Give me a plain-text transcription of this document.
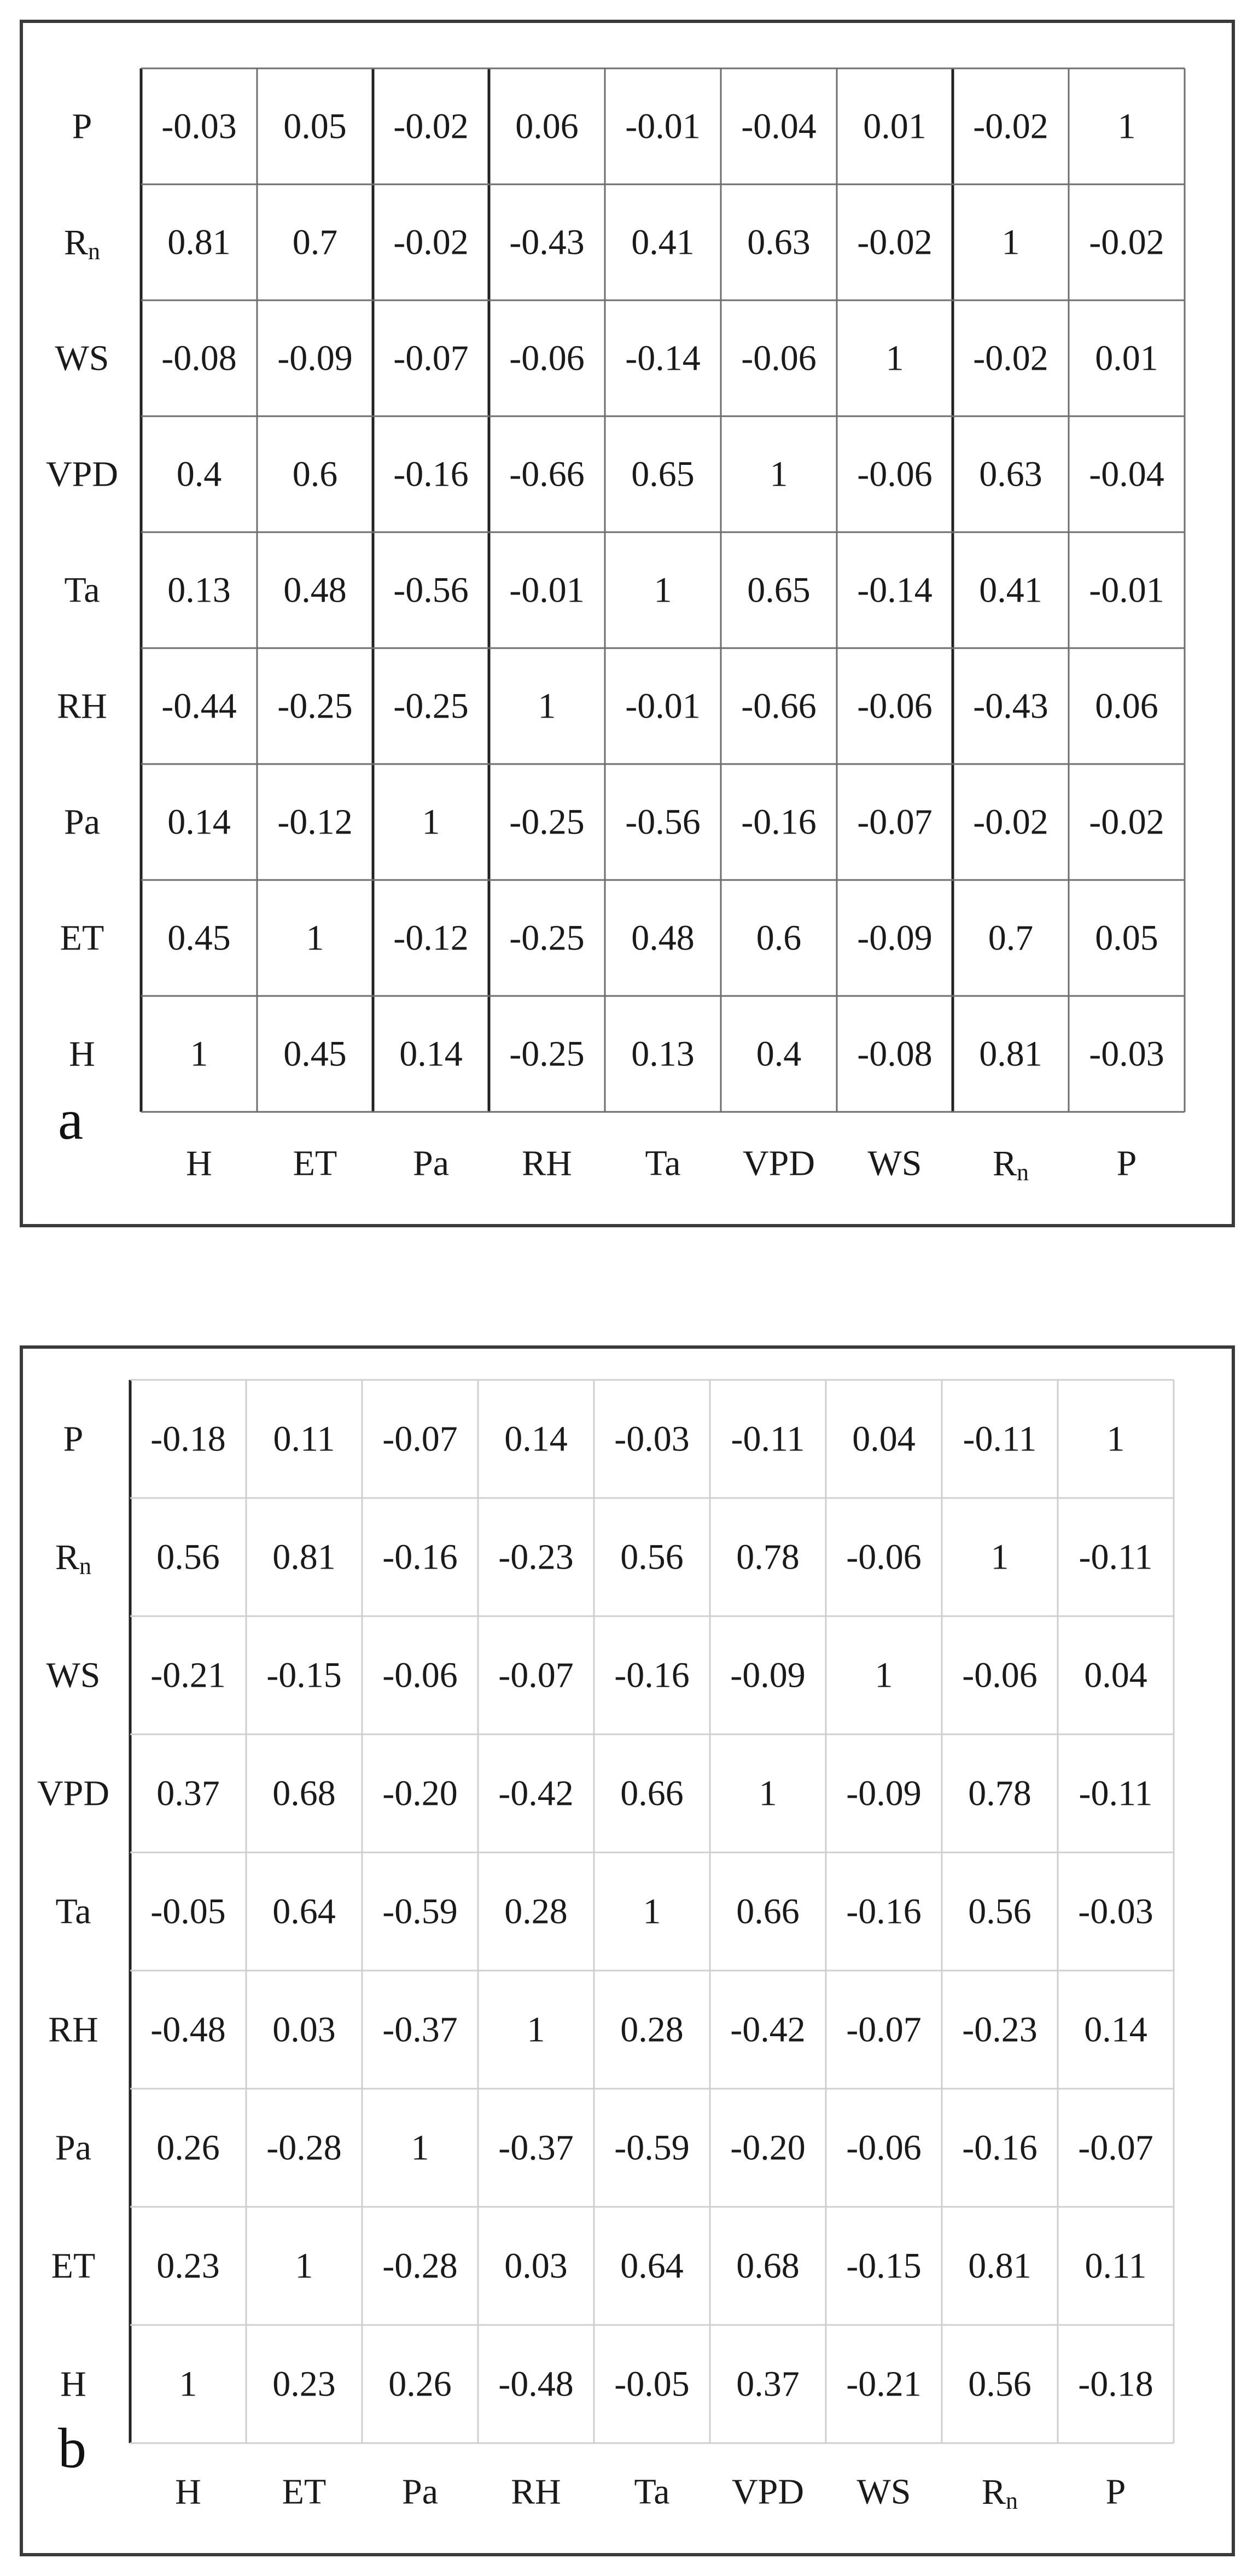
-0.03 0.05 -0.02 0.06 -0.01 -0.04 0.01 -0.02 1
0.81 0.7 -0.02 -0.43 0.41 0.63 -0.02 1 -0.02
-0.08 -0.09 -0.07 -0.06 -0.14 -0.06 1 -0.02 0.01
0.4 0.6 -0.16 -0.66 0.65 1 -0.06 0.63 -0.04
0.13 0.48 -0.56 -0.01 1 0.65 -0.14 0.41 -0.01
-0.44 -0.25 -0.25 1 -0.01 -0.66 -0.06 -0.43 0.06
0.14 -0.12 1 -0.25 -0.56 -0.16 -0.07 -0.02 -0.02
0.45 1 -0.12 -0.25 0.48 0.6 -0.09 0.7 0.05
1 0.45 0.14 -0.25 0.13 0.4 -0.08 0.81 -0.03
P
$R_n$
WS
VPD
Ta
RH
Pa
ET
H
H ET Pa RH Ta VPD WS $R_n$ P
a
-0.18 0.11 -0.07 0.14 -0.03 -0.11 0.04 -0.11 1
0.56 0.81 -0.16 -0.23 0.56 0.78 -0.06 1 -0.11
-0.21 -0.15 -0.06 -0.07 -0.16 -0.09 1 -0.06 0.04
0.37 0.68 -0.20 -0.42 0.66 1 -0.09 0.78 -0.11
-0.05 0.64 -0.59 0.28 1 0.66 -0.16 0.56 -0.03
-0.48 0.03 -0.37 1 0.28 -0.42 -0.07 -0.23 0.14
0.26 -0.28 1 -0.37 -0.59 -0.20 -0.06 -0.16 -0.07
0.23 1 -0.28 0.03 0.64 0.68 -0.15 0.81 0.11
1 0.23 0.26 -0.48 -0.05 0.37 -0.21 0.56 -0.18
P
$R_n$
WS
VPD
Ta
RH
Pa
ET
H
H ET Pa RH Ta VPD WS $R_n$ P
b
